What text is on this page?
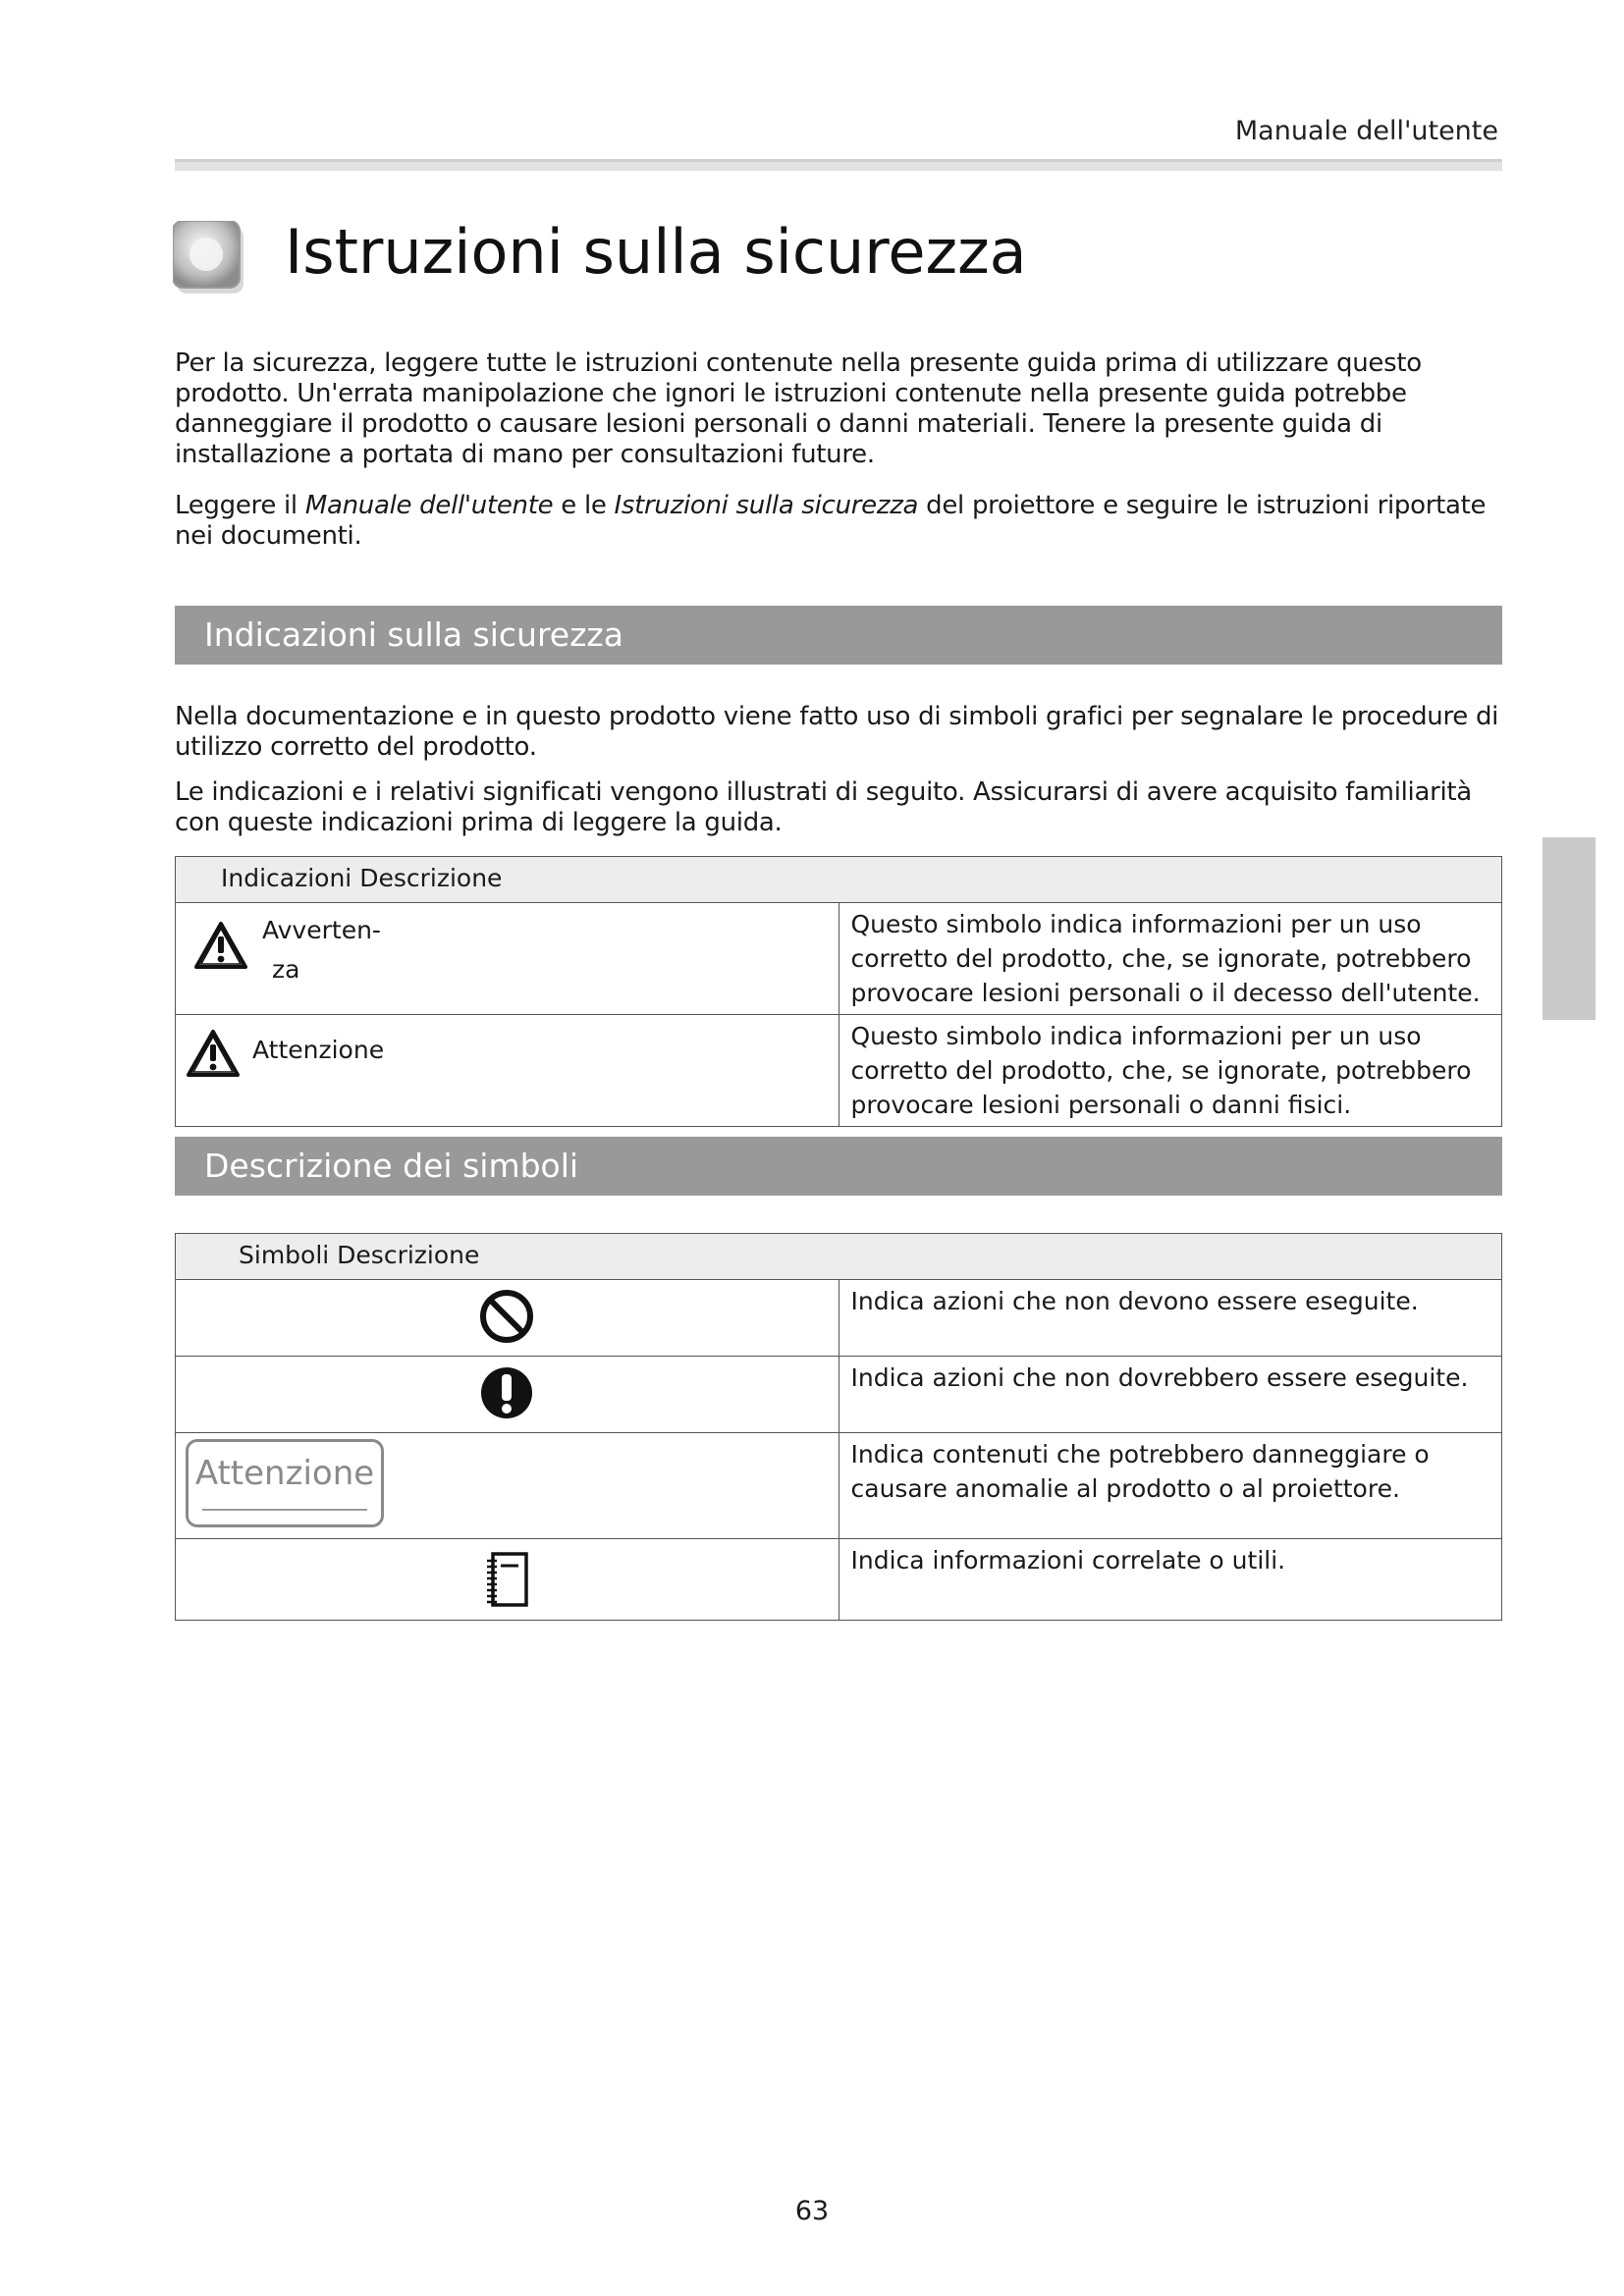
Manuale dell'utente
Istruzioni sulla sicurezza
Per la sicurezza, leggere tutte le istruzioni contenute nella presente guida prima di utilizzare questo prodotto. Un'errata manipolazione che ignori le istruzioni contenute nella presente guida potrebbe danneggiare il prodotto o causare lesioni personali o danni materiali. Tenere la presente guida di installazione a portata di mano per consultazioni future.
Leggere il Manuale dell'utente e le Istruzioni sulla sicurezza del proiettore e seguire le istruzioni riportate nei documenti.
Indicazioni sulla sicurezza
Nella documentazione e in questo prodotto viene fatto uso di simboli grafici per segnalare le procedure di utilizzo corretto del prodotto.
Le indicazioni e i relativi significati vengono illustrati di seguito. Assicurarsi di avere acquisito familiarità con queste indicazioni prima di leggere la guida.
Indicazioni Descrizione	

Avverten-
za	Questo simbolo indica informazioni per un uso corretto del prodotto, che, se ignorate, potrebbero provocare lesioni personali o il decesso dell'utente.

Attenzione	Questo simbolo indica informazioni per un uso corretto del prodotto, che, se ignorate, potrebbero provocare lesioni personali o danni fisici.
Descrizione dei simboli
Simboli Descrizione	

	Indica azioni che non devono essere eseguite.
	Indica azioni che non dovrebbero essere eseguite.

Attenzione	Indica contenuti che potrebbero danneggiare o causare anomalie al prodotto o al proiettore.
	Indica informazioni correlate o utili.
63
